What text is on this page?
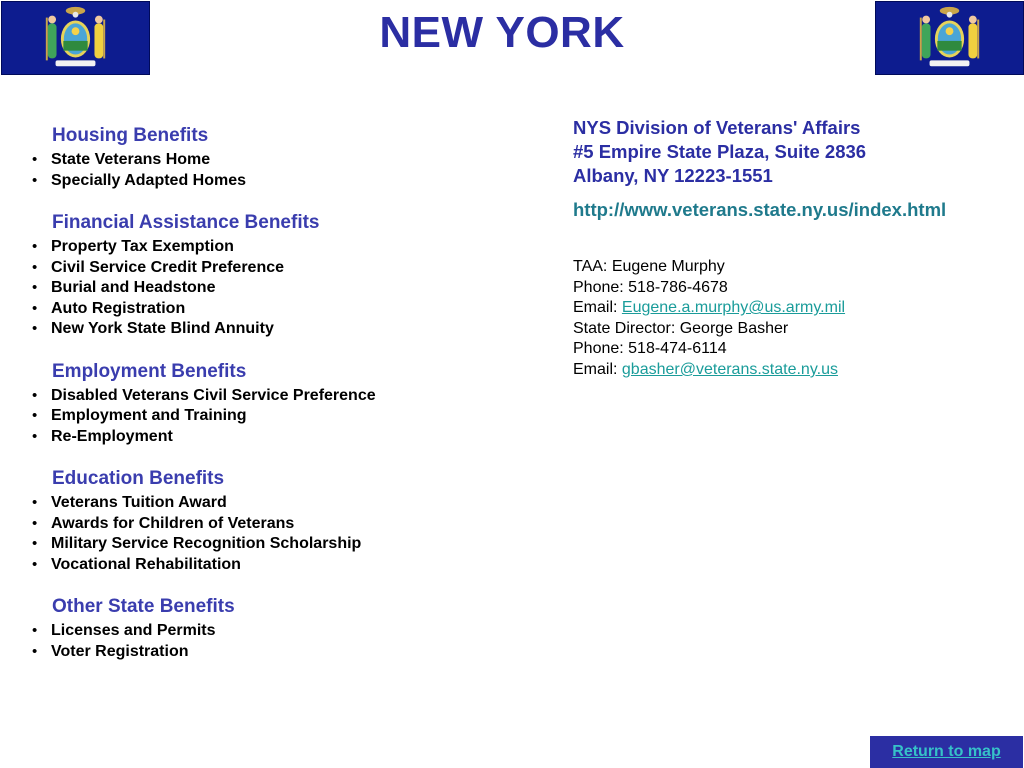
NEW YORK
Housing Benefits
• State Veterans Home
• Specially Adapted Homes
Financial Assistance Benefits
• Property Tax Exemption
• Civil Service Credit Preference
• Burial and Headstone
• Auto Registration
• New York State Blind Annuity
Employment Benefits
• Disabled Veterans Civil Service Preference
• Employment and Training
• Re-Employment
Education Benefits
• Veterans Tuition Award
• Awards for Children of Veterans
• Military Service Recognition Scholarship
• Vocational Rehabilitation
Other State Benefits
• Licenses and Permits
• Voter Registration
NYS Division of Veterans' Affairs
#5 Empire State Plaza, Suite 2836
Albany, NY 12223-1551
http://www.veterans.state.ny.us/index.html
TAA: Eugene Murphy
Phone: 518-786-4678
Email: Eugene.a.murphy@us.army.mil
State Director: George Basher
Phone: 518-474-6114
Email: gbasher@veterans.state.ny.us
Return to map
